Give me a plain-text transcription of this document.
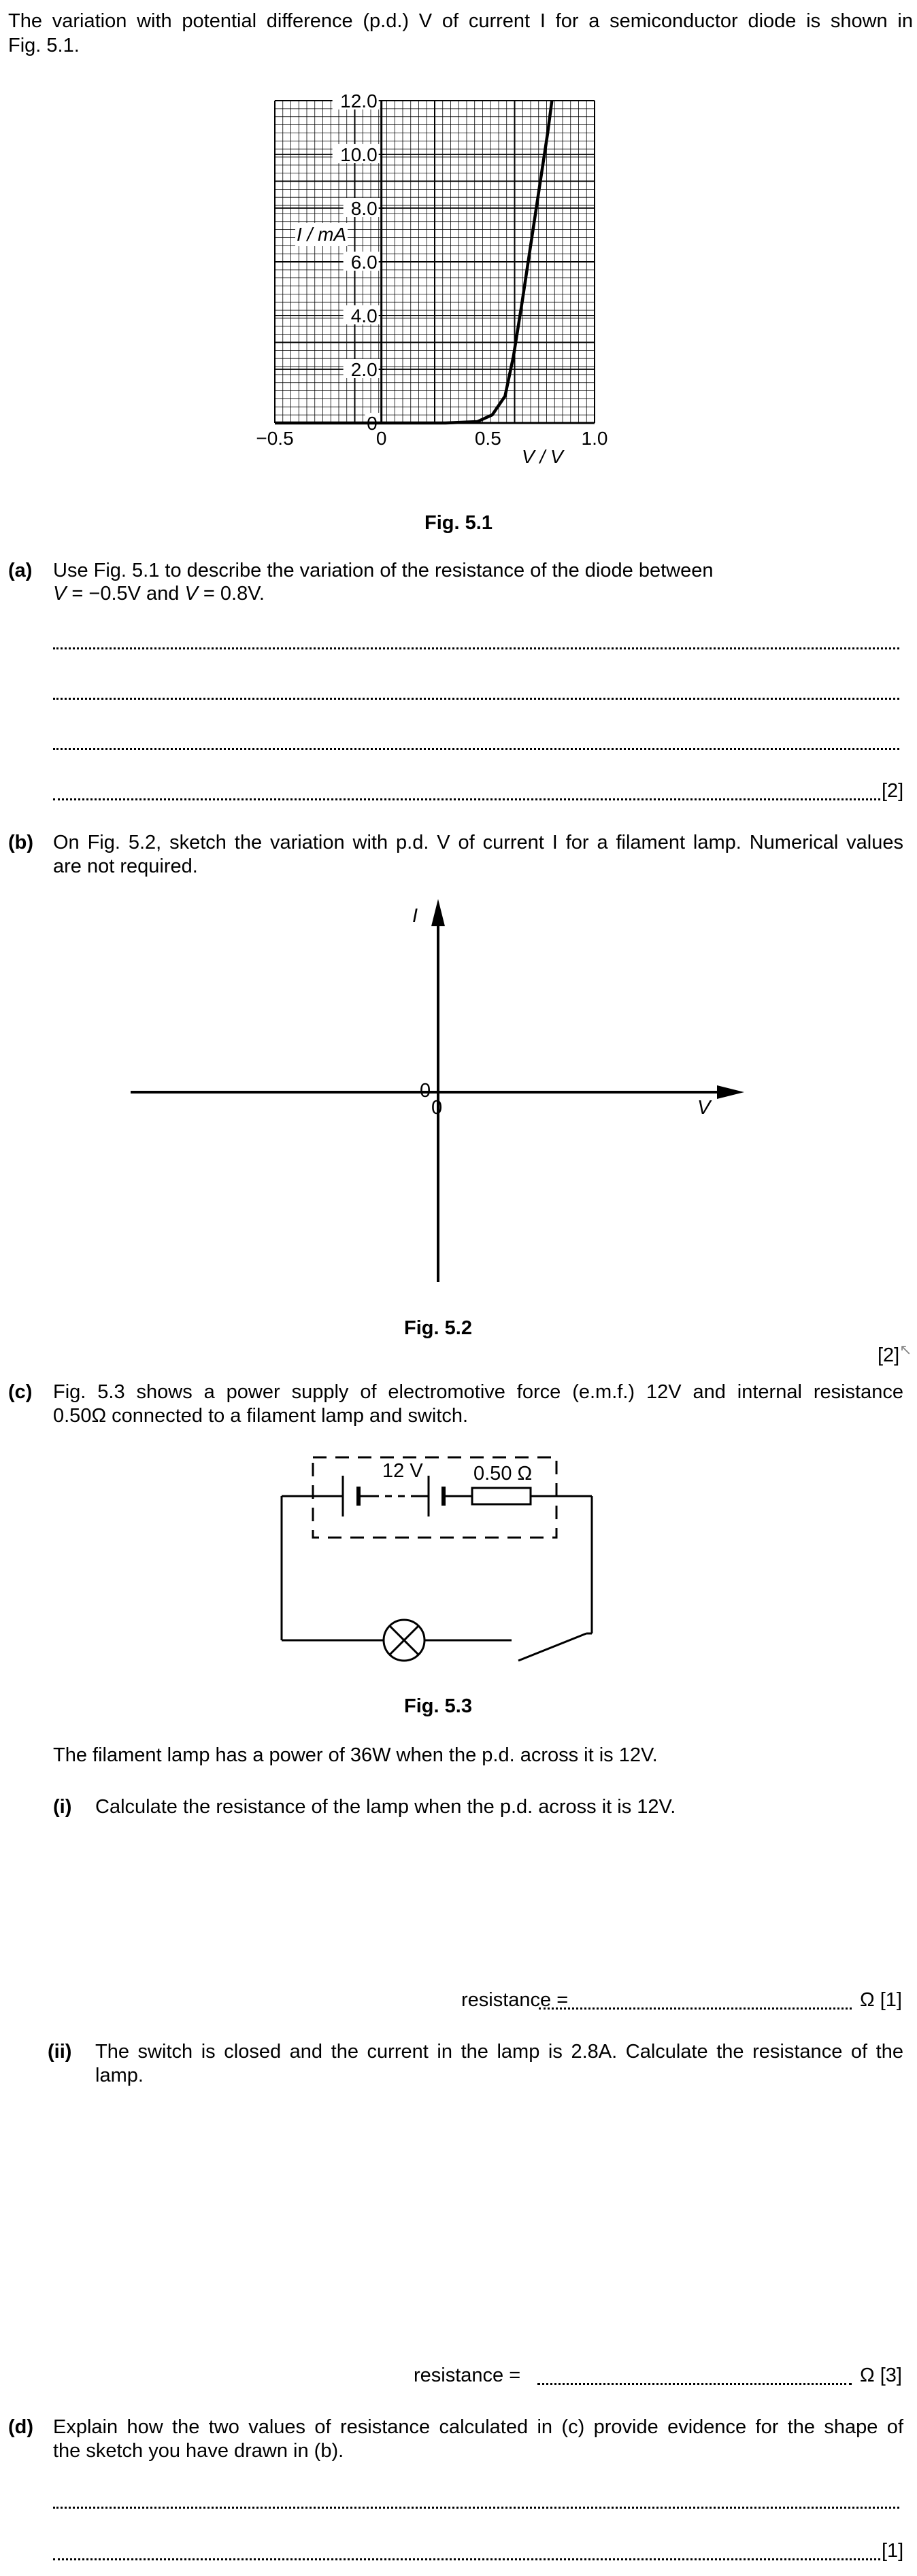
The variation with potential difference (p.d.) V of current I for a semiconductor diode is shown in
Fig. 5.1.
0
2.0
4.0
6.0
8.0
10.0
12.0
−0.5	0	0.5	1.0
I / mA
V / V
Fig. 5.1
(a) Use Fig. 5.1 to describe the variation of the resistance of the diode between
V = −0.5V and V = 0.8V.
[2]
(b) On Fig. 5.2, sketch the variation with p.d. V of current I for a filament lamp. Numerical values
are not required.
I
V
0
0
Fig. 5.2
[2] ↖
(c) Fig. 5.3 shows a power supply of electromotive force (e.m.f.) 12V and internal resistance
0.50Ω connected to a filament lamp and switch.
12 V	0.50 Ω
Fig. 5.3
The filament lamp has a power of 36W when the p.d. across it is 12V.
(i) Calculate the resistance of the lamp when the p.d. across it is 12V.
resistance =	Ω [1]
(ii) The switch is closed and the current in the lamp is 2.8A. Calculate the resistance of the
lamp.
resistance =	Ω [3]
(d) Explain how the two values of resistance calculated in (c) provide evidence for the shape of
the sketch you have drawn in (b).
[1]
